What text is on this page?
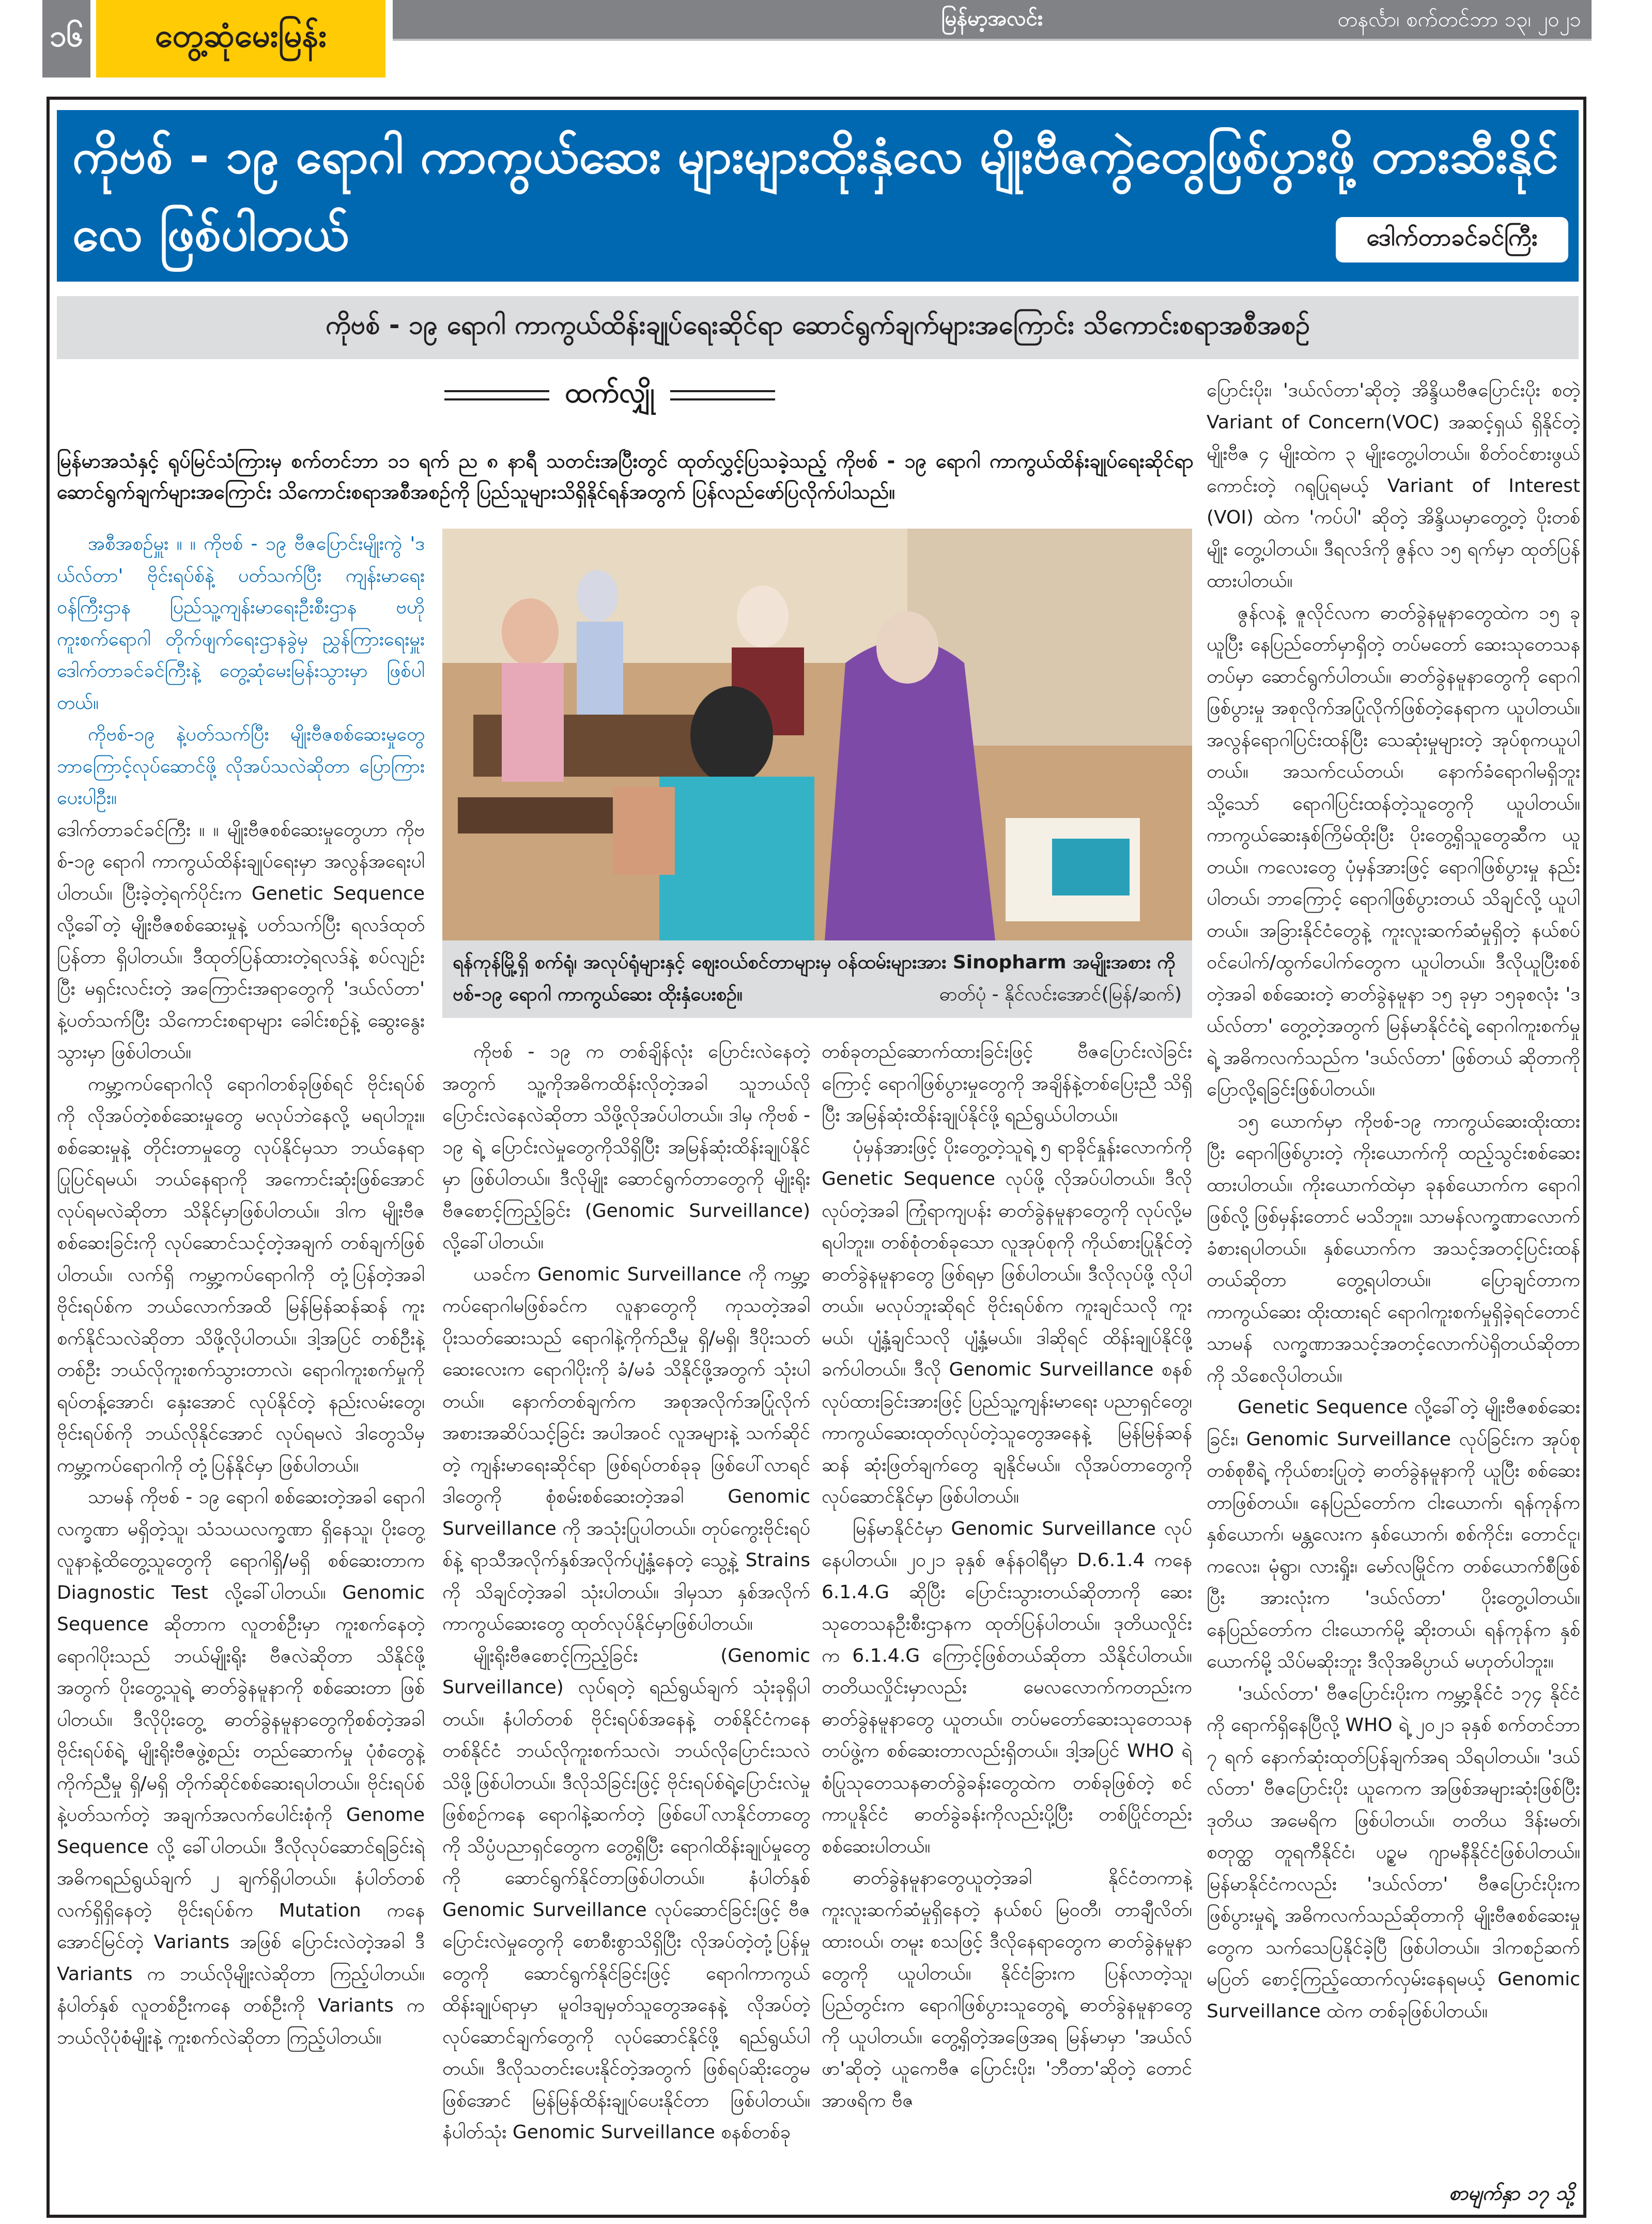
၁၆	တွေ့ဆုံမေးမြန်း	မြန်မာ့အလင်း	တနင်္လာ၊ စက်တင်ဘာ ၁၃၊ ၂၀၂၁
ကိုဗစ် - ၁၉ ရောဂါ ကာကွယ်ဆေး များများထိုးနှံလေ မျိုးဗီဇကွဲတွေဖြစ်ပွားဖို့ တားဆီးနိုင်လေ ဖြစ်ပါတယ်	ဒေါက်တာခင်ခင်ကြီး
ကိုဗစ် - ၁၉ ရောဂါ ကာကွယ်ထိန်းချုပ်ရေးဆိုင်ရာ ဆောင်ရွက်ချက်များအကြောင်း သိကောင်းစရာအစီအစဉ်
ထက်လျှို
မြန်မာအသံနှင့် ရုပ်မြင်သံကြားမှ စက်တင်ဘာ ၁၁ ရက် ည ၈ နာရီ သတင်းအပြီးတွင် ထုတ်လွှင့်ပြသခဲ့သည့် ကိုဗစ် - ၁၉ ရောဂါ ကာကွယ်ထိန်းချုပ်ရေးဆိုင်ရာ ဆောင်ရွက်ချက်များအကြောင်း သိကောင်းစရာအစီအစဉ်ကို ပြည်သူများသိရှိနိုင်ရန်အတွက် ပြန်လည်ဖော်ပြလိုက်ပါသည်။

အစီအစဉ်မှူး ။ ။ ကိုဗစ် - ၁၉ ဗီဇပြောင်းမျိုးကွဲ 'ဒယ်လ်တာ' ဗိုင်းရပ်စ်နဲ့ ပတ်သက်ပြီး ကျန်းမာရေးဝန်ကြီးဌာန ပြည်သူ့ကျန်းမာရေးဦးစီးဌာန ဗဟိုကူးစက်ရောဂါ တိုက်ဖျက်ရေးဌာနခွဲမှ ညွှန်ကြားရေးမှူး ဒေါက်တာခင်ခင်ကြီးနဲ့ တွေ့ဆုံမေးမြန်းသွားမှာ ဖြစ်ပါတယ်။

ကိုဗစ်-၁၉ နဲ့ပတ်သက်ပြီး မျိုးဗီဇစစ်ဆေးမှုတွေ ဘာကြောင့်လုပ်ဆောင်ဖို့ လိုအပ်သလဲဆိုတာ ပြောကြားပေးပါဦး။

ဒေါက်တာခင်ခင်ကြီး ။ ။ မျိုးဗီဇစစ်ဆေးမှုတွေဟာ ကိုဗစ်-၁၉ ရောဂါ ကာကွယ်ထိန်းချုပ်ရေးမှာ အလွန်အရေးပါပါတယ်။ ပြီးခဲ့တဲ့ရက်ပိုင်းက Genetic Sequence လို့ခေါ်တဲ့ မျိုးဗီဇစစ်ဆေးမှုနဲ့ ပတ်သက်ပြီး ရလဒ်ထုတ်ပြန်တာ ရှိပါတယ်။ ဒီထုတ်ပြန်ထားတဲ့ရလဒ်နဲ့ စပ်လျဉ်းပြီး မရှင်းလင်းတဲ့ အကြောင်းအရာတွေကို 'ဒယ်လ်တာ' နဲ့ပတ်သက်ပြီး သိကောင်းစရာများ ခေါင်းစဉ်နဲ့ ဆွေးနွေးသွားမှာ ဖြစ်ပါတယ်။

ကမ္ဘာ့ကပ်ရောဂါလို ရောဂါတစ်ခုဖြစ်ရင် ဗိုင်းရပ်စ်ကို လိုအပ်တဲ့စစ်ဆေးမှုတွေ မလုပ်ဘဲနေလို့ မရပါဘူး။ စစ်ဆေးမှုနဲ့ တိုင်းတာမှုတွေ လုပ်နိုင်မှသာ ဘယ်နေရာပြုပြင်ရမယ်၊ ဘယ်နေရာကို အကောင်းဆုံးဖြစ်အောင် လုပ်ရမလဲဆိုတာ သိနိုင်မှာဖြစ်ပါတယ်။ ဒါက မျိုးဗီဇစစ်ဆေးခြင်းကို လုပ်ဆောင်သင့်တဲ့အချက် တစ်ချက်ဖြစ်ပါတယ်။ လက်ရှိ ကမ္ဘာ့ကပ်ရောဂါကို တုံ့ပြန်တဲ့အခါ ဗိုင်းရပ်စ်က ဘယ်လောက်အထိ မြန်မြန်ဆန်ဆန် ကူးစက်နိုင်သလဲဆိုတာ သိဖို့လိုပါတယ်။ ဒါ့အပြင် တစ်ဦးနဲ့တစ်ဦး ဘယ်လိုကူးစက်သွားတာလဲ၊ ရောဂါကူးစက်မှုကို ရပ်တန့်အောင်၊ နှေးအောင် လုပ်နိုင်တဲ့ နည်းလမ်းတွေ၊ ဗိုင်းရပ်စ်ကို ဘယ်လိုနိုင်အောင် လုပ်ရမလဲ ဒါတွေသိမှ ကမ္ဘာ့ကပ်ရောဂါကို တုံ့ပြန်နိုင်မှာ ဖြစ်ပါတယ်။

သာမန် ကိုဗစ် - ၁၉ ရောဂါ စစ်ဆေးတဲ့အခါ ရောဂါလက္ခဏာ မရှိတဲ့သူ၊ သံသယလက္ခဏာ ရှိနေသူ၊ ပိုးတွေ့လူနာနဲ့ထိတွေ့သူတွေကို ရောဂါရှိ/မရှိ စစ်ဆေးတာက Diagnostic Test လို့ခေါ်ပါတယ်။ Genomic Sequence ဆိုတာက လူတစ်ဦးမှာ ကူးစက်နေတဲ့ ရောဂါပိုးသည် ဘယ်မျိုးရိုး ဗီဇလဲဆိုတာ သိနိုင်ဖို့အတွက် ပိုးတွေ့သူရဲ့ ဓာတ်ခွဲနမူနာကို စစ်ဆေးတာ ဖြစ်ပါတယ်။ ဒီလိုပိုးတွေ့ ဓာတ်ခွဲနမူနာတွေကိုစစ်တဲ့အခါ ဗိုင်းရပ်စ်ရဲ့ မျိုးရိုးဗီဇဖွဲ့စည်း တည်ဆောက်မှု ပုံစံတွေနဲ့ ကိုက်ညီမှု ရှိ/မရှိ တိုက်ဆိုင်စစ်ဆေးရပါတယ်။ ဗိုင်းရပ်စ်နဲ့ပတ်သက်တဲ့ အချက်အလက်ပေါင်းစုံကို Genome Sequence လို့ ခေါ်ပါတယ်။ ဒီလိုလုပ်ဆောင်ရခြင်းရဲ့ အဓိကရည်ရွယ်ချက် ၂ ချက်ရှိပါတယ်။ နံပါတ်တစ် လက်ရှိရှိနေတဲ့ ဗိုင်းရပ်စ်က Mutation ကနေ အောင်မြင်တဲ့ Variants အဖြစ် ပြောင်းလဲတဲ့အခါ ဒီ Variants က ဘယ်လိုမျိုးလဲဆိုတာ ကြည့်ပါတယ်။ နံပါတ်နှစ် လူတစ်ဦးကနေ တစ်ဦးကို Variants က ဘယ်လိုပုံစံမျိုးနဲ့ ကူးစက်လဲဆိုတာ ကြည့်ပါတယ်။

ရန်ကုန်မြို့ရှိ စက်ရုံ၊ အလုပ်ရုံများနှင့် ဈေးဝယ်စင်တာများမှ ဝန်ထမ်းများအား Sinopharm အမျိုးအစား ကိုဗစ်-၁၉ ရောဂါ ကာကွယ်ဆေး ထိုးနှံပေးစဉ်။	ဓာတ်ပုံ - နိုင်လင်းအောင်(မြန်/ဆက်)

ကိုဗစ် - ၁၉ က တစ်ချိန်လုံး ပြောင်းလဲနေတဲ့အတွက် သူ့ကိုအဓိကထိန်းလိုတဲ့အခါ သူဘယ်လိုပြောင်းလဲနေလဲဆိုတာ သိဖို့လိုအပ်ပါတယ်။ ဒါမှ ကိုဗစ် - ၁၉ ရဲ့ ပြောင်းလဲမှုတွေကိုသိရှိပြီး အမြန်ဆုံးထိန်းချုပ်နိုင်မှာ ဖြစ်ပါတယ်။ ဒီလိုမျိုး ဆောင်ရွက်တာတွေကို မျိုးရိုးဗီဇစောင့်ကြည့်ခြင်း (Genomic Surveillance) လို့ခေါ်ပါတယ်။

ယခင်က Genomic Surveillance ကို ကမ္ဘာ့ကပ်ရောဂါမဖြစ်ခင်က လူနာတွေကို ကုသတဲ့အခါ ပိုးသတ်ဆေးသည် ရောဂါနဲ့ကိုက်ညီမှု ရှိ/မရှိ၊ ဒီပိုးသတ်ဆေးလေးက ရောဂါပိုးကို ခံ/မခံ သိနိုင်ဖို့အတွက် သုံးပါတယ်။ နောက်တစ်ချက်က အစုအလိုက်အပြုံလိုက် အစားအဆိပ်သင့်ခြင်း အပါအဝင် လူအများနဲ့ သက်ဆိုင်တဲ့ ကျန်းမာရေးဆိုင်ရာ ဖြစ်ရပ်တစ်ခုခု ဖြစ်ပေါ်လာရင် ဒါတွေကို စုံစမ်းစစ်ဆေးတဲ့အခါ Genomic Surveillance ကို အသုံးပြုပါတယ်။ တုပ်ကွေးဗိုင်းရပ်စ်နဲ့ ရာသီအလိုက်နှစ်အလိုက်ပျံ့နှံ့နေတဲ့ သွေ့နဲ့ Strains ကို သိချင်တဲ့အခါ သုံးပါတယ်။ ဒါမှသာ နှစ်အလိုက် ကာကွယ်ဆေးတွေ ထုတ်လုပ်နိုင်မှာဖြစ်ပါတယ်။

မျိုးရိုးဗီဇစောင့်ကြည့်ခြင်း (Genomic Surveillance) လုပ်ရတဲ့ ရည်ရွယ်ချက် သုံးခုရှိပါတယ်။ နံပါတ်တစ် ဗိုင်းရပ်စ်အနေနဲ့ တစ်နိုင်ငံကနေ တစ်နိုင်ငံ ဘယ်လိုကူးစက်သလဲ၊ ဘယ်လိုပြောင်းသလဲ သိဖို့ဖြစ်ပါတယ်။ ဒီလိုသိခြင်းဖြင့် ဗိုင်းရပ်စ်ရဲ့ပြောင်းလဲမှုဖြစ်စဉ်ကနေ ရောဂါနဲ့ဆက်တဲ့ ဖြစ်ပေါ်လာနိုင်တာတွေကို သိပ္ပံပညာရှင်တွေက တွေ့ရှိပြီး ရောဂါထိန်းချုပ်မှုတွေကို ဆောင်ရွက်နိုင်တာဖြစ်ပါတယ်။ နံပါတ်နှစ် Genomic Surveillance လုပ်ဆောင်ခြင်းဖြင့် ဗီဇပြောင်းလဲမှုတွေကို စောစီးစွာသိရှိပြီး လိုအပ်တဲ့တုံ့ပြန်မှုတွေကို ဆောင်ရွက်နိုင်ခြင်းဖြင့် ရောဂါကာကွယ်ထိန်းချုပ်ရာမှာ မူဝါဒချမှတ်သူတွေအနေနဲ့ လိုအပ်တဲ့လုပ်ဆောင်ချက်တွေကို လုပ်ဆောင်နိုင်ဖို့ ရည်ရွယ်ပါတယ်။ ဒီလိုသတင်းပေးနိုင်တဲ့အတွက် ဖြစ်ရပ်ဆိုးတွေမဖြစ်အောင် မြန်မြန်ထိန်းချုပ်ပေးနိုင်တာ ဖြစ်ပါတယ်။ နံပါတ်သုံး Genomic Surveillance စနစ်တစ်ခု

တစ်ခုတည်ဆောက်ထားခြင်းဖြင့် ဗီဇပြောင်းလဲခြင်းကြောင့် ရောဂါဖြစ်ပွားမှုတွေကို အချိန်နဲ့တစ်ပြေးညီ သိရှိပြီး အမြန်ဆုံးထိန်းချုပ်နိုင်ဖို့ ရည်ရွယ်ပါတယ်။

ပုံမှန်အားဖြင့် ပိုးတွေ့တဲ့သူရဲ့ ၅ ရာခိုင်နှုန်းလောက်ကို Genetic Sequence လုပ်ဖို့ လိုအပ်ပါတယ်။ ဒီလိုလုပ်တဲ့အခါ ကြုံရာကျပန်း ဓာတ်ခွဲနမူနာတွေကို လုပ်လို့မရပါဘူး။ တစ်စုံတစ်ခုသော လူအုပ်စုကို ကိုယ်စားပြုနိုင်တဲ့ ဓာတ်ခွဲနမူနာတွေ ဖြစ်ရမှာ ဖြစ်ပါတယ်။ ဒီလိုလုပ်ဖို့ လိုပါတယ်။ မလုပ်ဘူးဆိုရင် ဗိုင်းရပ်စ်က ကူးချင်သလို ကူးမယ်၊ ပျံ့နှံ့ချင်သလို ပျံ့နှံ့မယ်။ ဒါဆိုရင် ထိန်းချုပ်နိုင်ဖို့ ခက်ပါတယ်။ ဒီလို Genomic Surveillance စနစ်လုပ်ထားခြင်းအားဖြင့် ပြည်သူ့ကျန်းမာရေး ပညာရှင်တွေ၊ ကာကွယ်ဆေးထုတ်လုပ်တဲ့သူတွေအနေနဲ့ မြန်မြန်ဆန်ဆန် ဆုံးဖြတ်ချက်တွေ ချနိုင်မယ်။ လိုအပ်တာတွေကို လုပ်ဆောင်နိုင်မှာ ဖြစ်ပါတယ်။

မြန်မာနိုင်ငံမှာ Genomic Surveillance လုပ်နေပါတယ်။ ၂၀၂၁ ခုနှစ် ဇန်နဝါရီမှာ D.6.1.4 ကနေ 6.1.4.G ဆိုပြီး ပြောင်းသွားတယ်ဆိုတာကို ဆေးသုတေသနဦးစီးဌာနက ထုတ်ပြန်ပါတယ်။ ဒုတိယလှိုင်းက 6.1.4.G ကြောင့်ဖြစ်တယ်ဆိုတာ သိနိုင်ပါတယ်။ တတိယလှိုင်းမှာလည်း မေလလောက်ကတည်းက ဓာတ်ခွဲနမူနာတွေ ယူတယ်။ တပ်မတော်ဆေးသုတေသနတပ်ဖွဲ့က စစ်ဆေးတာလည်းရှိတယ်။ ဒါ့အပြင် WHO ရဲ့ စံပြုသုတေသနဓာတ်ခွဲခန်းတွေထဲက တစ်ခုဖြစ်တဲ့ စင်ကာပူနိုင်ငံ ဓာတ်ခွဲခန်းကိုလည်းပို့ပြီး တစ်ပြိုင်တည်း စစ်ဆေးပါတယ်။

ဓာတ်ခွဲနမူနာတွေယူတဲ့အခါ နိုင်ငံတကာနဲ့ ကူးလူးဆက်ဆံမှုရှိနေတဲ့ နယ်စပ် မြဝတီ၊ တာချီလိတ်၊ ထားဝယ်၊ တမူး စသဖြင့် ဒီလိုနေရာတွေက ဓာတ်ခွဲနမူနာတွေကို ယူပါတယ်။ နိုင်ငံခြားက ပြန်လာတဲ့သူ၊ ပြည်တွင်းက ရောဂါဖြစ်ပွားသူတွေရဲ့ ဓာတ်ခွဲနမူနာတွေကို ယူပါတယ်။ တွေ့ရှိတဲ့အဖြေအရ မြန်မာမှာ 'အယ်လ်ဖာ'ဆိုတဲ့ ယူကေဗီဇ ပြောင်းပိုး၊ 'ဘီတာ'ဆိုတဲ့ တောင်အာဖရိက ဗီဇ

ပြောင်းပိုး၊ 'ဒယ်လ်တာ'ဆိုတဲ့ အိန္ဒိယဗီဇပြောင်းပိုး စတဲ့ Variant of Concern(VOC) အဆင့်ရှယ် ရှိနိုင်တဲ့ မျိုးဗီဇ ၄ မျိုးထဲက ၃ မျိုးတွေ့ပါတယ်။ စိတ်ဝင်စားဖွယ်ကောင်းတဲ့ ဂရုပြုရမယ့် Variant of Interest (VOI) ထဲက 'ကပ်ပါ' ဆိုတဲ့ အိန္ဒိယမှာတွေ့တဲ့ ပိုးတစ်မျိုး တွေ့ပါတယ်။ ဒီရလဒ်ကို ဇွန်လ ၁၅ ရက်မှာ ထုတ်ပြန်ထားပါတယ်။

ဇွန်လနဲ့ ဇူလိုင်လက ဓာတ်ခွဲနမူနာတွေထဲက ၁၅ ခုယူပြီး နေပြည်တော်မှာရှိတဲ့ တပ်မတော် ဆေးသုတေသနတပ်မှာ ဆောင်ရွက်ပါတယ်။ ဓာတ်ခွဲနမူနာတွေကို ရောဂါဖြစ်ပွားမှု အစုလိုက်အပြုံလိုက်ဖြစ်တဲ့နေရာက ယူပါတယ်။ အလွန်ရောဂါပြင်းထန်ပြီး သေဆုံးမှုများတဲ့ အုပ်စုကယူပါတယ်။ အသက်ငယ်တယ်၊ နောက်ခံရောဂါမရှိဘူး သို့သော် ရောဂါပြင်းထန်တဲ့သူတွေကို ယူပါတယ်။ ကာကွယ်ဆေးနှစ်ကြိမ်ထိုးပြီး ပိုးတွေ့ရှိသူတွေဆီက ယူတယ်။ ကလေးတွေ ပုံမှန်အားဖြင့် ရောဂါဖြစ်ပွားမှု နည်းပါတယ်၊ ဘာကြောင့် ရောဂါဖြစ်ပွားတယ် သိချင်လို့ ယူပါတယ်။ အခြားနိုင်ငံတွေနဲ့ ကူးလူးဆက်ဆံမှုရှိတဲ့ နယ်စပ်ဝင်ပေါက်/ထွက်ပေါက်တွေက ယူပါတယ်။ ဒီလိုယူပြီးစစ်တဲ့အခါ စစ်ဆေးတဲ့ ဓာတ်ခွဲနမူနာ ၁၅ ခုမှာ ၁၅ခုစလုံး 'ဒယ်လ်တာ' တွေ့တဲ့အတွက် မြန်မာနိုင်ငံရဲ့ ရောဂါကူးစက်မှုရဲ့ အဓိကလက်သည်က 'ဒယ်လ်တာ' ဖြစ်တယ် ဆိုတာကို ပြောလို့ရခြင်းဖြစ်ပါတယ်။

၁၅ ယောက်မှာ ကိုဗစ်-၁၉ ကာကွယ်ဆေးထိုးထားပြီး ရောဂါဖြစ်ပွားတဲ့ ကိုးယောက်ကို ထည့်သွင်းစစ်ဆေးထားပါတယ်။ ကိုးယောက်ထဲမှာ ခုနစ်ယောက်က ရောဂါဖြစ်လို့ ဖြစ်မှန်းတောင် မသိဘူး။ သာမန်လက္ခဏာလောက် ခံစားရပါတယ်။ နှစ်ယောက်က အသင့်အတင့်ပြင်းထန်တယ်ဆိုတာ တွေ့ရပါတယ်။ ပြောချင်တာက ကာကွယ်ဆေး ထိုးထားရင် ရောဂါကူးစက်မှုရှိခဲ့ရင်တောင် သာမန် လက္ခဏာအသင့်အတင့်လောက်ပဲရှိတယ်ဆိုတာကို သိစေလိုပါတယ်။

Genetic Sequence လို့ခေါ်တဲ့ မျိုးဗီဇစစ်ဆေးခြင်း၊ Genomic Surveillance လုပ်ခြင်းက အုပ်စုတစ်စုစီရဲ့ ကိုယ်စားပြုတဲ့ ဓာတ်ခွဲနမူနာကို ယူပြီး စစ်ဆေးတာဖြစ်တယ်။ နေပြည်တော်က ငါးယောက်၊ ရန်ကုန်က နှစ်ယောက်၊ မန္တလေးက နှစ်ယောက်၊ စစ်ကိုင်း၊ တောင်ငူ၊ ကလေး၊ မုံရွာ၊ လားရှိုး၊ မော်လမြိုင်က တစ်ယောက်စီဖြစ်ပြီး အားလုံးက 'ဒယ်လ်တာ' ပိုးတွေ့ပါတယ်။ နေပြည်တော်က ငါးယောက်မို့ ဆိုးတယ်၊ ရန်ကုန်က နှစ်ယောက်မို့ သိပ်မဆိုးဘူး ဒီလိုအဓိပ္ပာယ် မဟုတ်ပါဘူး။

'ဒယ်လ်တာ' ဗီဇပြောင်းပိုးက ကမ္ဘာ့နိုင်ငံ ၁၇၄ နိုင်ငံကို ရောက်ရှိနေပြီလို့ WHO ရဲ့ ၂၀၂၁ ခုနှစ် စက်တင်ဘာ ၇ ရက် နောက်ဆုံးထုတ်ပြန်ချက်အရ သိရပါတယ်။ 'ဒယ်လ်တာ' ဗီဇပြောင်းပိုး ယူကေက အဖြစ်အများဆုံးဖြစ်ပြီး ဒုတိယ အမေရိက ဖြစ်ပါတယ်။ တတိယ ဒိန်းမတ်၊ စတုတ္ထ တူရကီနိုင်ငံ၊ ပဉ္စမ ဂျာမနီနိုင်ငံဖြစ်ပါတယ်။ မြန်မာနိုင်ငံကလည်း 'ဒယ်လ်တာ' ဗီဇပြောင်းပိုးက ဖြစ်ပွားမှုရဲ့ အဓိကလက်သည်ဆိုတာကို မျိုးဗီဇစစ်ဆေးမှုတွေက သက်သေပြနိုင်ခဲ့ပြီ ဖြစ်ပါတယ်။ ဒါကစဉ်ဆက်မပြတ် စောင့်ကြည့်ထောက်လှမ်းနေရမယ့် Genomic Surveillance ထဲက တစ်ခုဖြစ်ပါတယ်။

စာမျက်နှာ ၁၇ သို့
